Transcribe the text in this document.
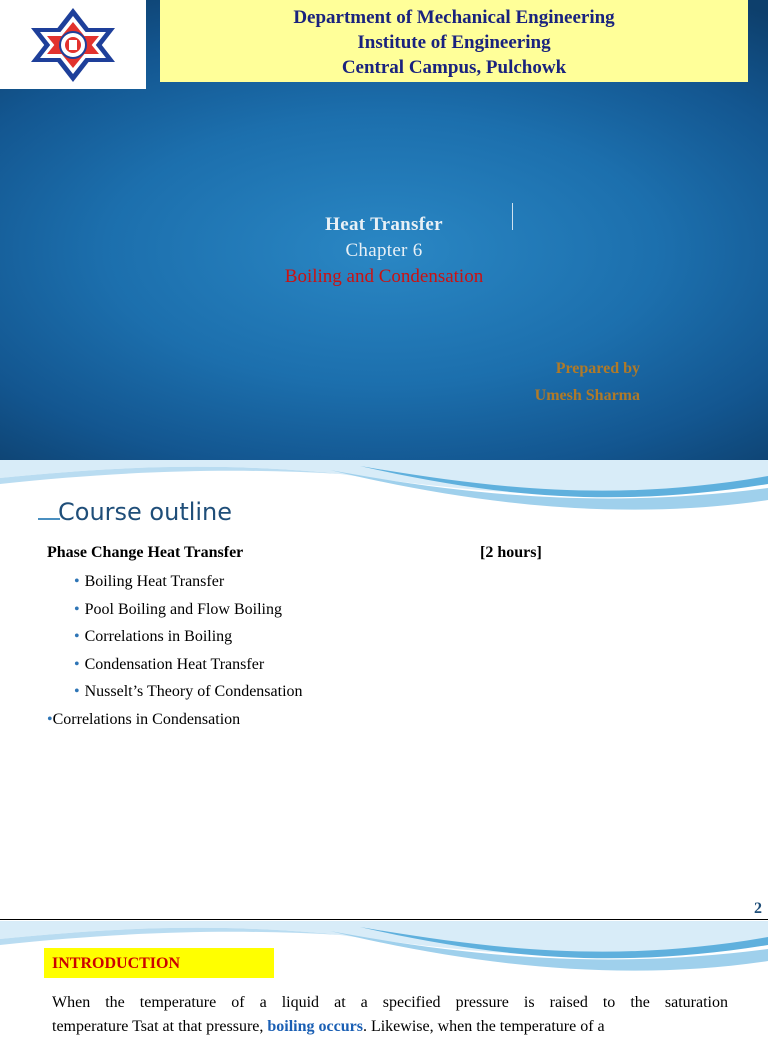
Department of Mechanical Engineering
Institute of Engineering
Central Campus, Pulchowk
Heat Transfer
Chapter 6
Boiling and Condensation
Prepared by
Umesh Sharma
Course outline
Phase Change Heat Transfer	[2 hours]
• Boiling Heat Transfer
• Pool Boiling and Flow Boiling
• Correlations in Boiling
• Condensation Heat Transfer
• Nusselt’s Theory of Condensation
•Correlations in Condensation
2
INTRODUCTION
When the temperature of a liquid at a specified pressure is raised to the saturation
temperature Tsat at that pressure, boiling occurs. Likewise, when the temperature of a
